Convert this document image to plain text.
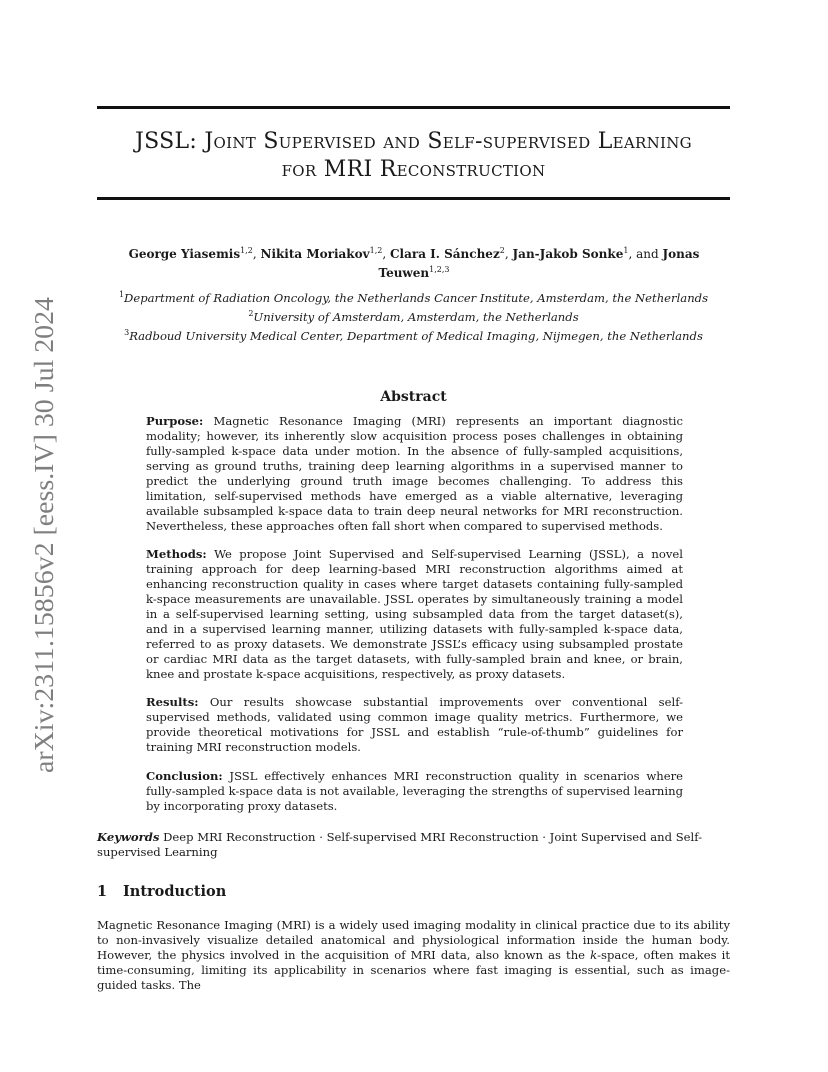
arXiv:2311.15856v2 [eess.IV] 30 Jul 2024
JSSL: Joint Supervised and Self-supervised Learning
for MRI Reconstruction
George Yiasemis$^{1,2}$, Nikita Moriakov$^{1,2}$, Clara I. Sánchez$^2$, Jan-Jakob Sonke$^1$, and Jonas Teuwen$^{1,2,3}$
$^1$Department of Radiation Oncology, the Netherlands Cancer Institute, Amsterdam, the Netherlands
$^2$University of Amsterdam, Amsterdam, the Netherlands
$^3$Radboud University Medical Center, Department of Medical Imaging, Nijmegen, the Netherlands
Abstract
Purpose: Magnetic Resonance Imaging (MRI) represents an important diagnostic modality; however, its inherently slow acquisition process poses challenges in obtaining fully-sampled k-space data under motion. In the absence of fully-sampled acquisitions, serving as ground truths, training deep learning algorithms in a supervised manner to predict the underlying ground truth image becomes challenging. To address this limitation, self-supervised methods have emerged as a viable alternative, leveraging available subsampled k-space data to train deep neural networks for MRI reconstruction. Nevertheless, these approaches often fall short when compared to supervised methods.
Methods: We propose Joint Supervised and Self-supervised Learning (JSSL), a novel training approach for deep learning-based MRI reconstruction algorithms aimed at enhancing reconstruction quality in cases where target datasets containing fully-sampled k-space measurements are unavailable. JSSL operates by simultaneously training a model in a self-supervised learning setting, using subsampled data from the target dataset(s), and in a supervised learning manner, utilizing datasets with fully-sampled k-space data, referred to as proxy datasets. We demonstrate JSSL’s efficacy using subsampled prostate or cardiac MRI data as the target datasets, with fully-sampled brain and knee, or brain, knee and prostate k-space acquisitions, respectively, as proxy datasets.
Results: Our results showcase substantial improvements over conventional self-supervised methods, validated using common image quality metrics. Furthermore, we provide theoretical motivations for JSSL and establish “rule-of-thumb” guidelines for training MRI reconstruction models.
Conclusion: JSSL effectively enhances MRI reconstruction quality in scenarios where fully-sampled k-space data is not available, leveraging the strengths of supervised learning by incorporating proxy datasets.
Keywords Deep MRI Reconstruction · Self-supervised MRI Reconstruction · Joint Supervised and Self-supervised Learning
1 Introduction

Magnetic Resonance Imaging (MRI) is a widely used imaging modality in clinical practice due to its ability to non-invasively visualize detailed anatomical and physiological information inside the human body. However, the physics involved in the acquisition of MRI data, also known as the k-space, often makes it time-consuming, limiting its applicability in scenarios where fast imaging is essential, such as image-guided tasks. The
